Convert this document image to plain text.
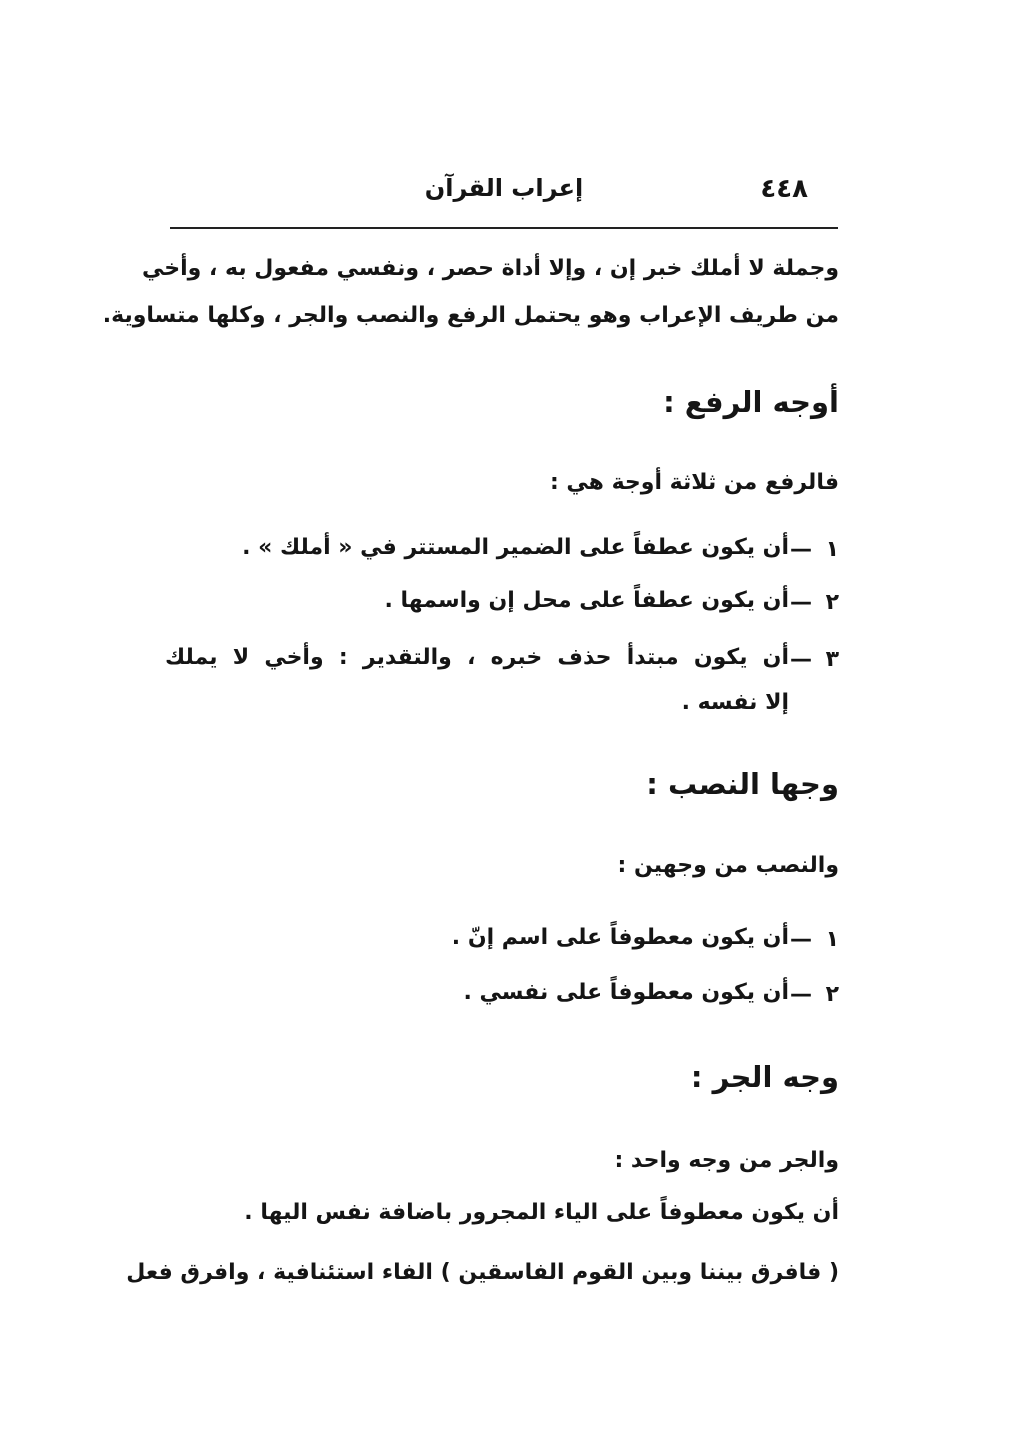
٤٤٨
إعراب القرآن
وجملة لا أملك خبر إن ، وإلا أداة حصر ، ونفسي مفعول به ، وأخي
من طريف الإعراب وهو يحتمل الرفع والنصب والجر ، وكلها متساوية.
أوجه الرفع :
فالرفع من ثلاثة أوجة هي :
١
—
أن يكون عطفاً على الضمير المستتر في « أملك » .
٢
—
أن يكون عطفاً على محل إن واسمها .
٣
—
أن يكون مبتدأ حذف خبره ، والتقدير : وأخي لا يملك
إلا نفسه .
وجها النصب :
والنصب من وجهين :
١
—
أن يكون معطوفاً على اسم إنّ .
٢
—
أن يكون معطوفاً على نفسي .
وجه الجر :
والجر من وجه واحد :
أن يكون معطوفاً على الياء المجرور باضافة نفس اليها .
( فافرق بيننا وبين القوم الفاسقين ) الفاء استئنافية ، وافرق فعل
